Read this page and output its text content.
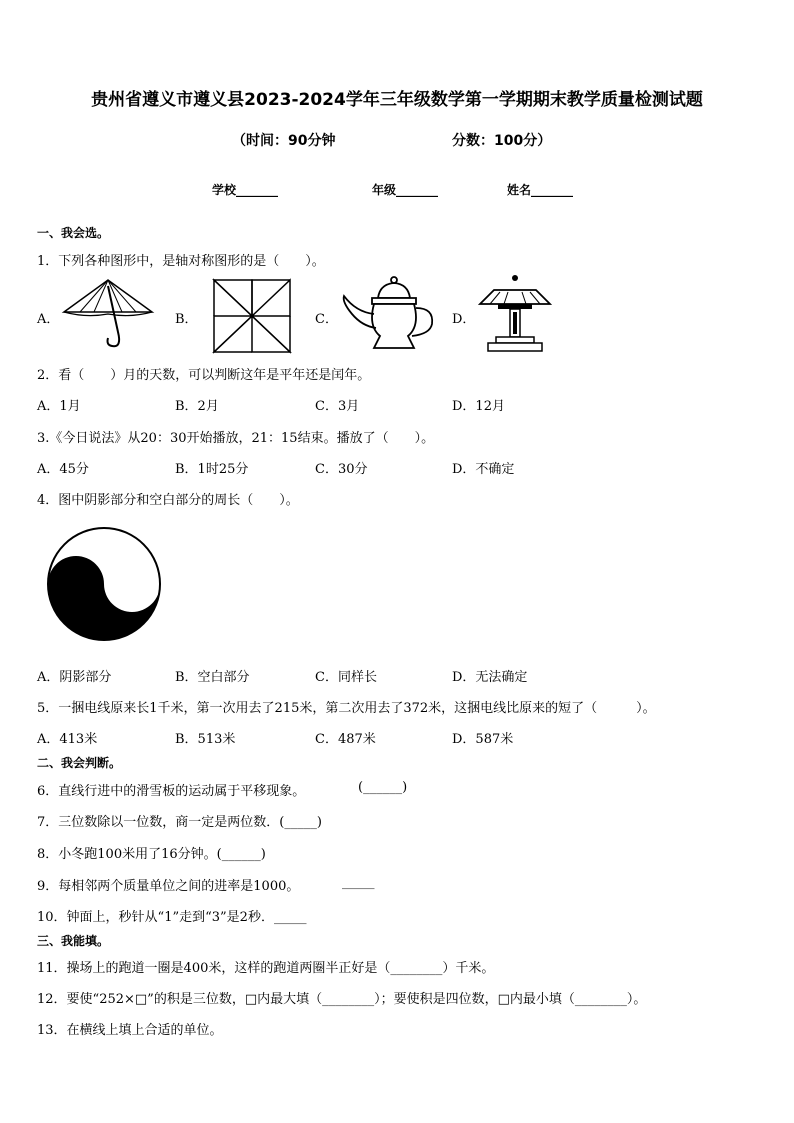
贵州省遵义市遵义县2023-2024学年三年级数学第一学期期末教学质量检测试题
（时间：90分钟	分数：100分）
学校_______	年级_______	姓名_______
一、我会选。
1．下列各种图形中，是轴对称图形的是（　　）。
A．	B．	C．	D．
2．看（　　）月的天数，可以判断这年是平年还是闰年。
A．1月	B．2月	C．3月	D．12月
3.《今日说法》从20：30开始播放，21：15结束。播放了（　　）。
A．45分	B．1时25分	C．30分	D．不确定
4．图中阴影部分和空白部分的周长（　　）。
A．阴影部分	B．空白部分	C．同样长	D．无法确定
5．一捆电线原来长1千米，第一次用去了215米，第二次用去了372米，这捆电线比原来的短了（　　　）。
A．413米	B．513米	C．487米	D．587米
二、我会判断。
6．直线行进中的滑雪板的运动属于平移现象。	(______)
7．三位数除以一位数，商一定是两位数．(_____)
8．小冬跑100米用了16分钟。(______)
9．每相邻两个质量单位之间的进率是1000。	_____
10．钟面上，秒针从“1”走到“3”是2秒．_____
三、我能填。
11．操场上的跑道一圈是400米，这样的跑道两圈半正好是（________）千米。
12．要使“252×□”的积是三位数，□内最大填（________）；要使积是四位数，□内最小填（________）。
13．在横线上填上合适的单位。
